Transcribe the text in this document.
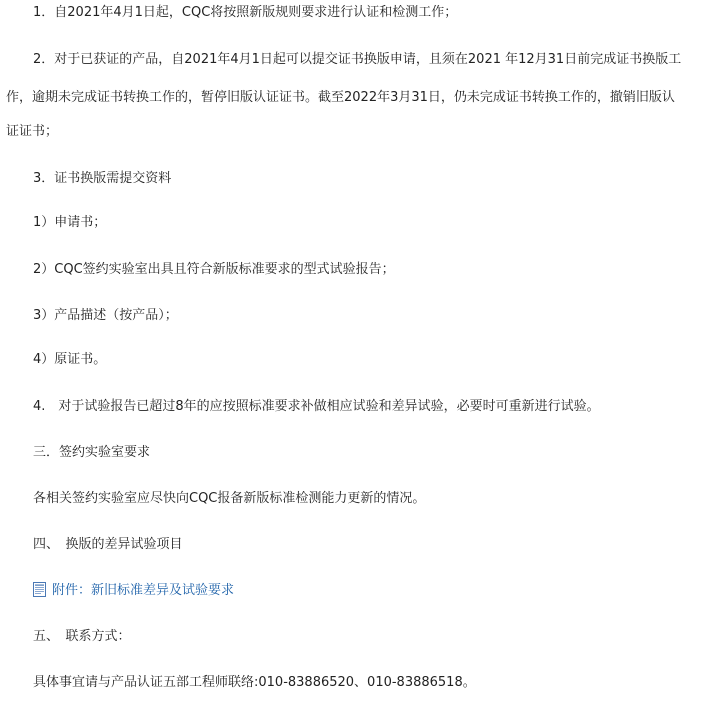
1．自2021年4月1日起，CQC将按照新版规则要求进行认证和检测工作；
2．对于已获证的产品，自2021年4月1日起可以提交证书换版申请，且须在2021 年12月31日前完成证书换版工
作，逾期未完成证书转换工作的，暂停旧版认证证书。截至2022年3月31日，仍未完成证书转换工作的，撤销旧版认
证证书；
3．证书换版需提交资料
1）申请书；
2）CQC签约实验室出具且符合新版标准要求的型式试验报告；
3）产品描述（按产品）；
4）原证书。
4.　对于试验报告已超过8年的应按照标准要求补做相应试验和差异试验，必要时可重新进行试验。
三．签约实验室要求
各相关签约实验室应尽快向CQC报备新版标准检测能力更新的情况。
四、　换版的差异试验项目
附件：新旧标准差异及试验要求
五、　联系方式：
具体事宜请与产品认证五部工程师联络:010-83886520、010-83886518。
